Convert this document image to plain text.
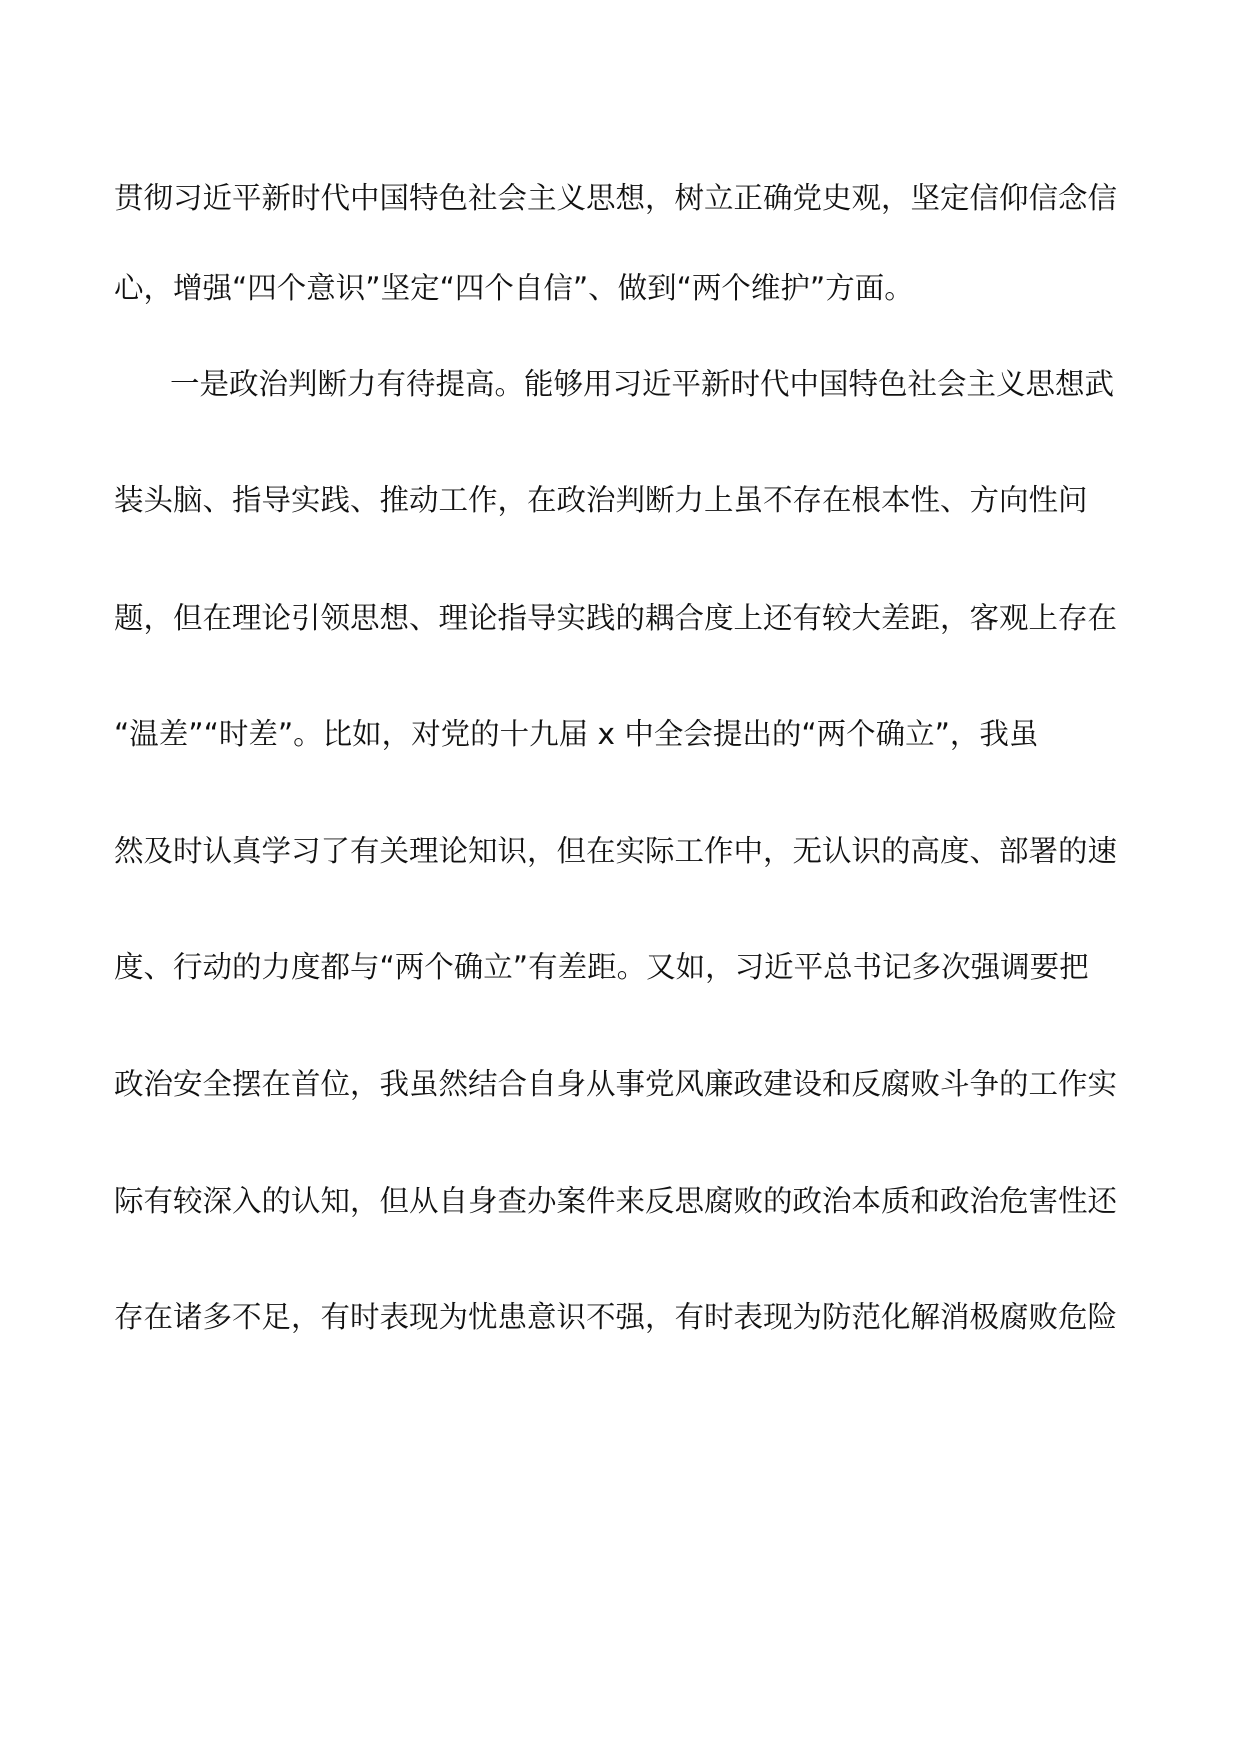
贯彻习近平新时代中国特色社会主义思想，树立正确党史观，坚定信仰信念信
心，增强“四个意识”坚定“四个自信”、做到“两个维护”方面。
一是政治判断力有待提高。能够用习近平新时代中国特色社会主义思想武
装头脑、指导实践、推动工作，在政治判断力上虽不存在根本性、方向性问
题，但在理论引领思想、理论指导实践的耦合度上还有较大差距，客观上存在
“温差”“时差”。比如，对党的十九届 x 中全会提出的“两个确立”，我虽
然及时认真学习了有关理论知识，但在实际工作中，无认识的高度、部署的速
度、行动的力度都与“两个确立”有差距。又如，习近平总书记多次强调要把
政治安全摆在首位，我虽然结合自身从事党风廉政建设和反腐败斗争的工作实
际有较深入的认知，但从自身查办案件来反思腐败的政治本质和政治危害性还
存在诸多不足，有时表现为忧患意识不强，有时表现为防范化解消极腐败危险
